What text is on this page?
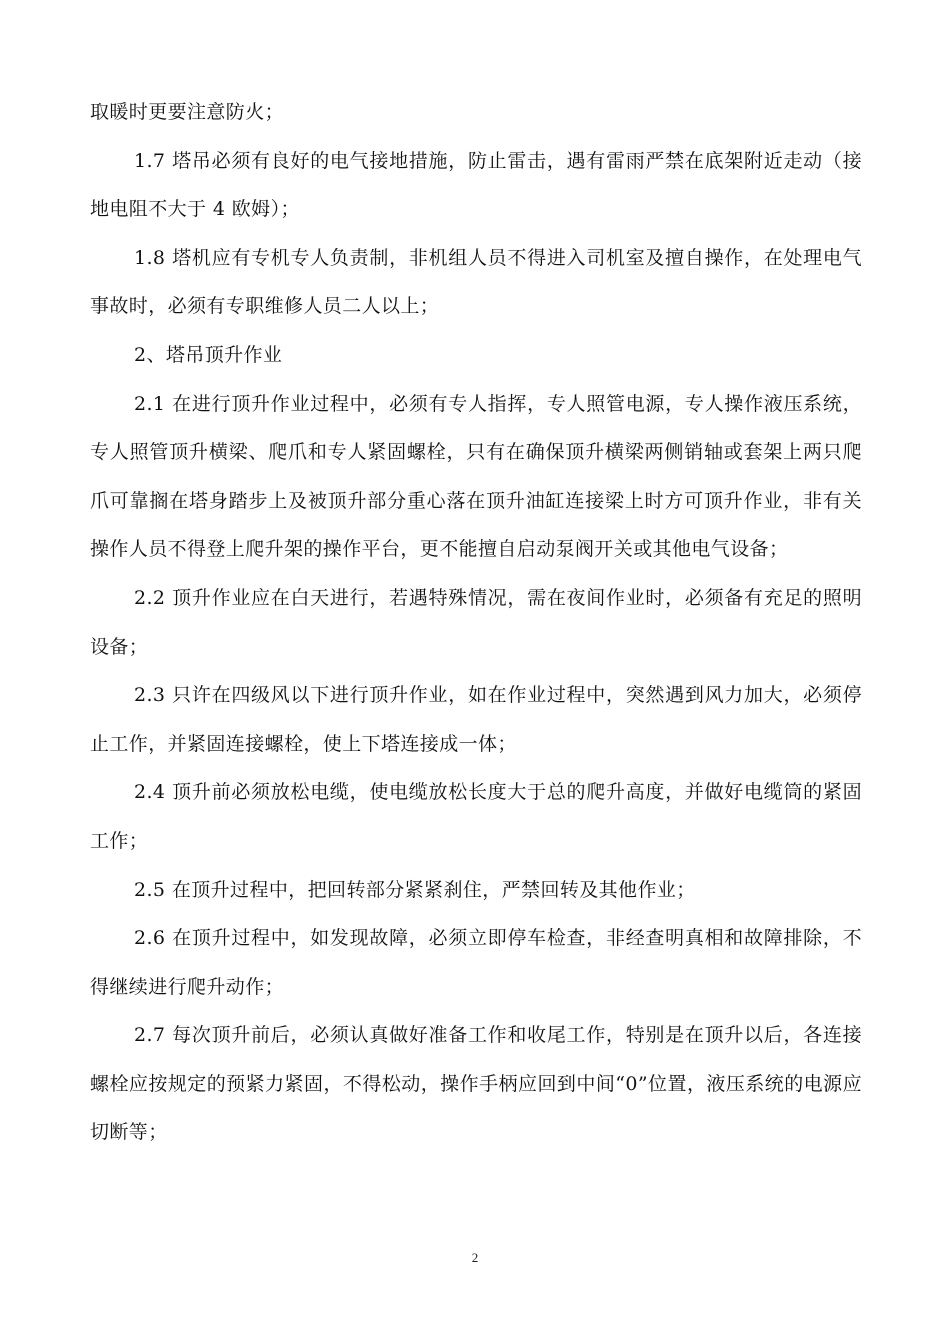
取暖时更要注意防火；

1.7 塔吊必须有良好的电气接地措施，防止雷击，遇有雷雨严禁在底架附近走动（接地电阻不大于 4 欧姆）；

1.8 塔机应有专机专人负责制，非机组人员不得进入司机室及擅自操作，在处理电气事故时，必须有专职维修人员二人以上；

2、塔吊顶升作业

2.1 在进行顶升作业过程中，必须有专人指挥，专人照管电源，专人操作液压系统，专人照管顶升横梁、爬爪和专人紧固螺栓，只有在确保顶升横梁两侧销轴或套架上两只爬爪可靠搁在塔身踏步上及被顶升部分重心落在顶升油缸连接梁上时方可顶升作业，非有关操作人员不得登上爬升架的操作平台，更不能擅自启动泵阀开关或其他电气设备；

2.2 顶升作业应在白天进行，若遇特殊情况，需在夜间作业时，必须备有充足的照明设备；

2.3 只许在四级风以下进行顶升作业，如在作业过程中，突然遇到风力加大，必须停止工作，并紧固连接螺栓，使上下塔连接成一体；

2.4 顶升前必须放松电缆，使电缆放松长度大于总的爬升高度，并做好电缆筒的紧固工作；

2.5 在顶升过程中，把回转部分紧紧刹住，严禁回转及其他作业；

2.6 在顶升过程中，如发现故障，必须立即停车检查，非经查明真相和故障排除，不得继续进行爬升动作；

2.7 每次顶升前后，必须认真做好准备工作和收尾工作，特别是在顶升以后，各连接螺栓应按规定的预紧力紧固，不得松动，操作手柄应回到中间“0”位置，液压系统的电源应切断等；

2
